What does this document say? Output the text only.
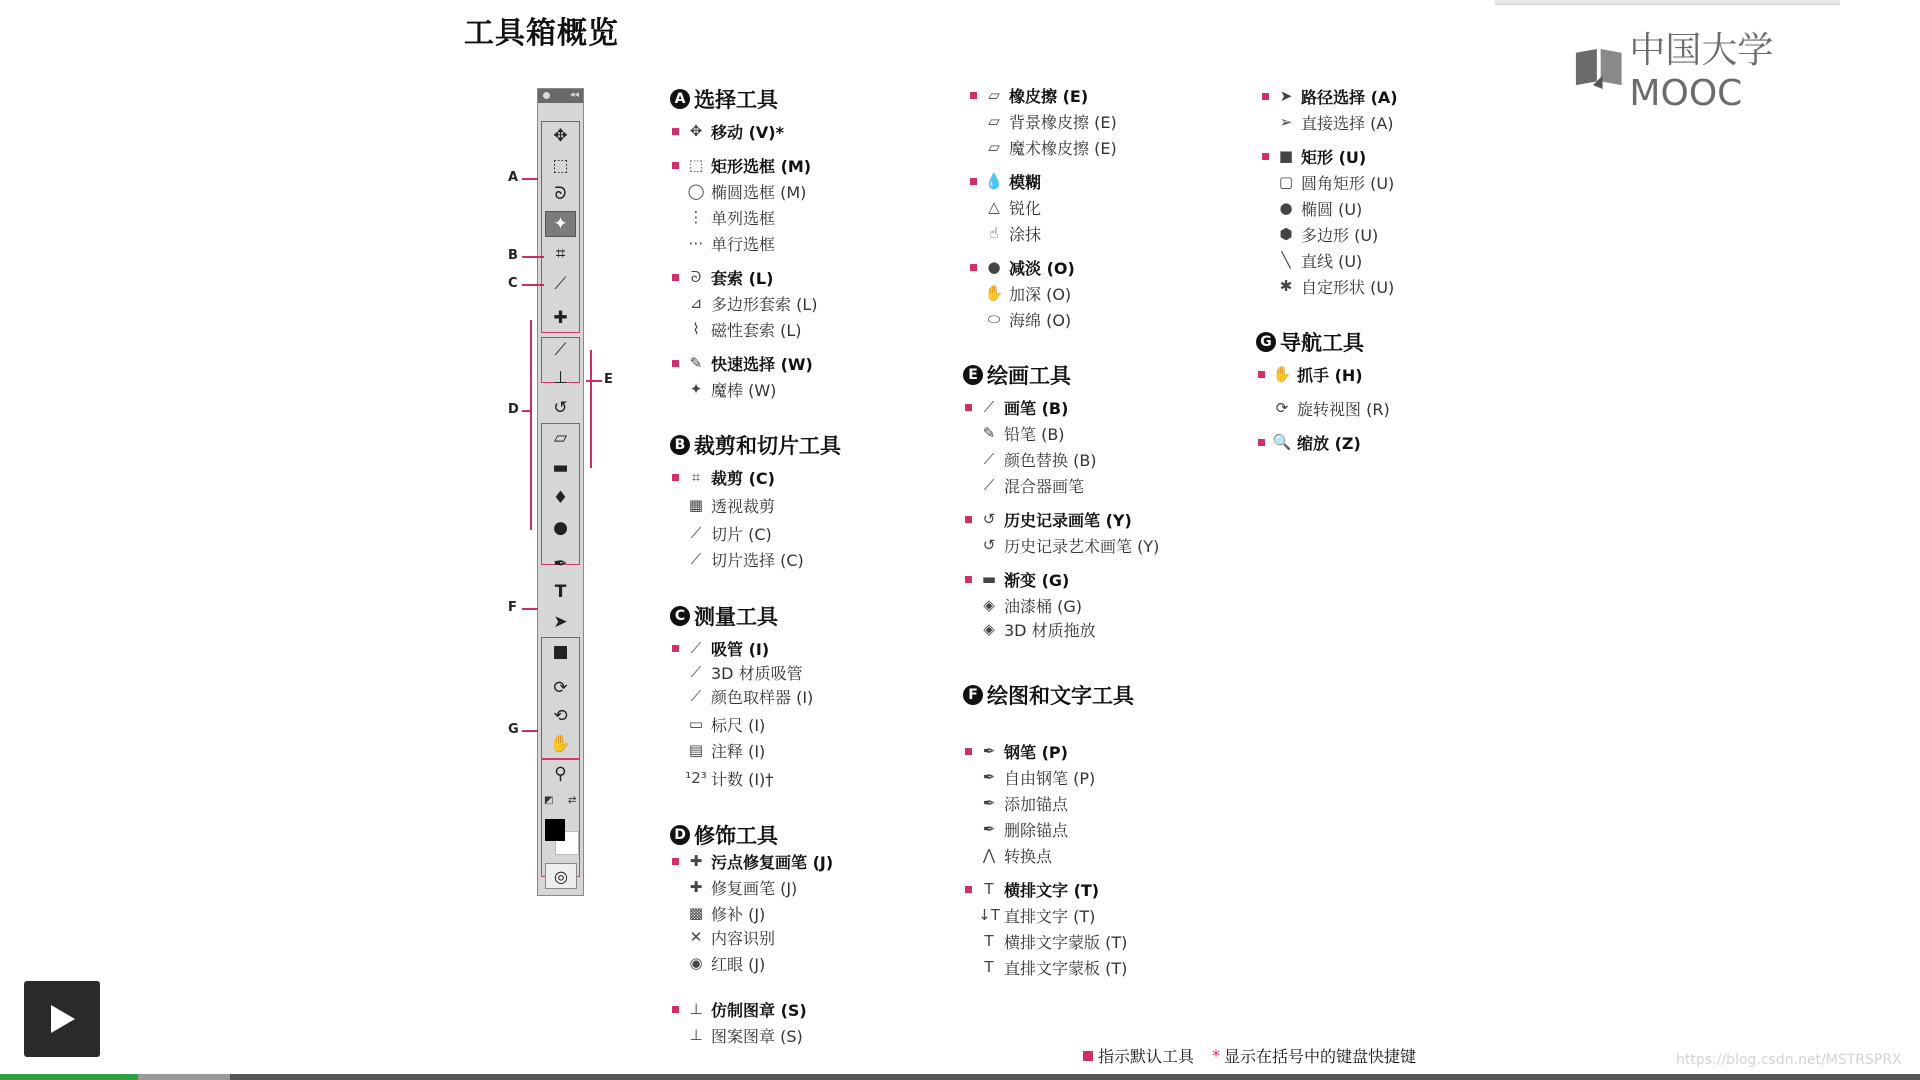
工具箱概览	中国大学MOOC
◂◂
✥
⬚
ᘐ
✦
⌗
⟋
✚
⟋
⊥
↺
▱
▬
♦
●
✒
T
➤
■
⟳
⟲
✋
⚲
◩ ⇄
◎
A
B
C
D
E
F
G
A 选择工具
✥ 移动 (V)*
⬚ 矩形选框 (M)
◯ 椭圆选框 (M)
⋮ 单列选框
⋯ 单行选框
ᘐ 套索 (L)
⊿ 多边形套索 (L)
⌇ 磁性套索 (L)
✎ 快速选择 (W)
✦ 魔棒 (W)
B 裁剪和切片工具
⌗ 裁剪 (C)
▦ 透视裁剪
⟋ 切片 (C)
⟋ 切片选择 (C)
C 测量工具
⟋ 吸管 (I)
⟋ 3D 材质吸管
⟋ 颜色取样器 (I)
▭ 标尺 (I)
▤ 注释 (I)
¹2³ 计数 (I)†
D 修饰工具
✚ 污点修复画笔 (J)
✚ 修复画笔 (J)
▩ 修补 (J)
✕ 内容识别
◉ 红眼 (J)
⊥ 仿制图章 (S)
⊥ 图案图章 (S)
▱ 橡皮擦 (E)
▱ 背景橡皮擦 (E)
▱ 魔术橡皮擦 (E)
💧 模糊
△ 锐化
☝ 涂抹
● 减淡 (O)
✋ 加深 (O)
⬭ 海绵 (O)
E 绘画工具
⟋ 画笔 (B)
✎ 铅笔 (B)
⟋ 颜色替换 (B)
⟋ 混合器画笔
↺ 历史记录画笔 (Y)
↺ 历史记录艺术画笔 (Y)
▬ 渐变 (G)
◈ 油漆桶 (G)
◈ 3D 材质拖放
F 绘图和文字工具
✒ 钢笔 (P)
✒ 自由钢笔 (P)
✒ 添加锚点
✒ 删除锚点
⋀ 转换点
T 横排文字 (T)
↓T 直排文字 (T)
T 横排文字蒙版 (T)
T 直排文字蒙板 (T)
➤ 路径选择 (A)
➢ 直接选择 (A)
■ 矩形 (U)
▢ 圆角矩形 (U)
● 椭圆 (U)
⬢ 多边形 (U)
╲ 直线 (U)
✱ 自定形状 (U)
G 导航工具
✋ 抓手 (H)
⟳ 旋转视图 (R)
🔍 缩放 (Z)
指示默认工具 * 显示在括号中的键盘快捷键	https://blog.csdn.net/MSTRSPRX
